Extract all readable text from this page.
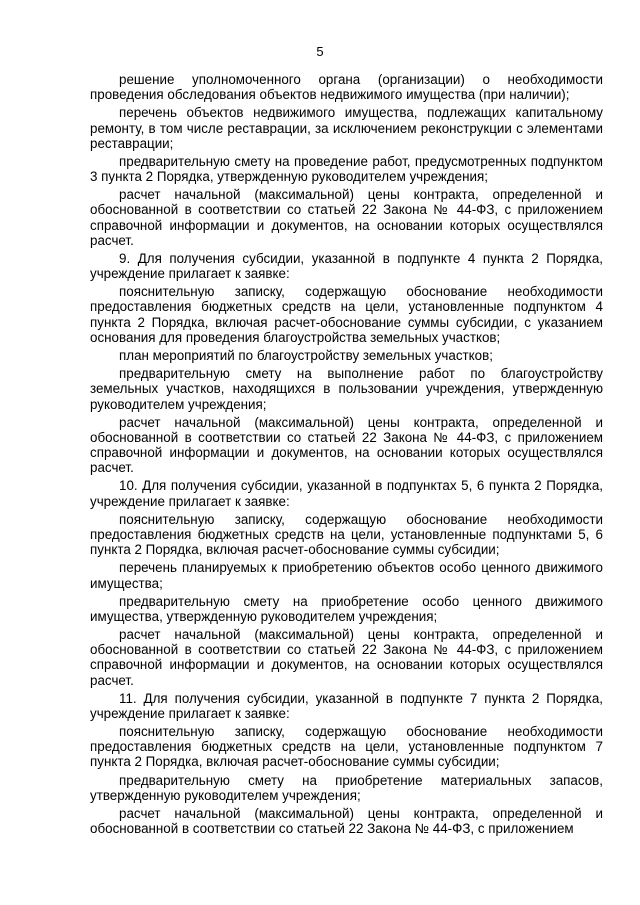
5

решение уполномоченного органа (организации) о необходимости проведения обследования объектов недвижимого имущества (при наличии);

перечень объектов недвижимого имущества, подлежащих капитальному ремонту, в том числе реставрации, за исключением реконструкции с элементами реставрации;

предварительную смету на проведение работ, предусмотренных подпунктом 3 пункта 2 Порядка, утвержденную руководителем учреждения;

расчет начальной (максимальной) цены контракта, определенной и обоснованной в соответствии со статьей 22 Закона № 44-ФЗ, с приложением справочной информации и документов, на основании которых осуществлялся расчет.

9. Для получения субсидии, указанной в подпункте 4 пункта 2 Порядка, учреждение прилагает к заявке:

пояснительную записку, содержащую обоснование необходимости предоставления бюджетных средств на цели, установленные подпунктом 4 пункта 2 Порядка, включая расчет-обоснование суммы субсидии, с указанием основания для проведения благоустройства земельных участков;

план мероприятий по благоустройству земельных участков;

предварительную смету на выполнение работ по благоустройству земельных участков, находящихся в пользовании учреждения, утвержденную руководителем учреждения;

расчет начальной (максимальной) цены контракта, определенной и обоснованной в соответствии со статьей 22 Закона № 44-ФЗ, с приложением справочной информации и документов, на основании которых осуществлялся расчет.

10. Для получения субсидии, указанной в подпунктах 5, 6 пункта 2 Порядка, учреждение прилагает к заявке:

пояснительную записку, содержащую обоснование необходимости предоставления бюджетных средств на цели, установленные подпунктами 5, 6 пункта 2 Порядка, включая расчет-обоснование суммы субсидии;

перечень планируемых к приобретению объектов особо ценного движимого имущества;

предварительную смету на приобретение особо ценного движимого имущества, утвержденную руководителем учреждения;

расчет начальной (максимальной) цены контракта, определенной и обоснованной в соответствии со статьей 22 Закона № 44-ФЗ, с приложением справочной информации и документов, на основании которых осуществлялся расчет.

11. Для получения субсидии, указанной в подпункте 7 пункта 2 Порядка, учреждение прилагает к заявке:

пояснительную записку, содержащую обоснование необходимости предоставления бюджетных средств на цели, установленные подпунктом 7 пункта 2 Порядка, включая расчет-обоснование суммы субсидии;

предварительную смету на приобретение материальных запасов, утвержденную руководителем учреждения;

расчет начальной (максимальной) цены контракта, определенной и обоснованной в соответствии со статьей 22 Закона № 44-ФЗ, с приложением
